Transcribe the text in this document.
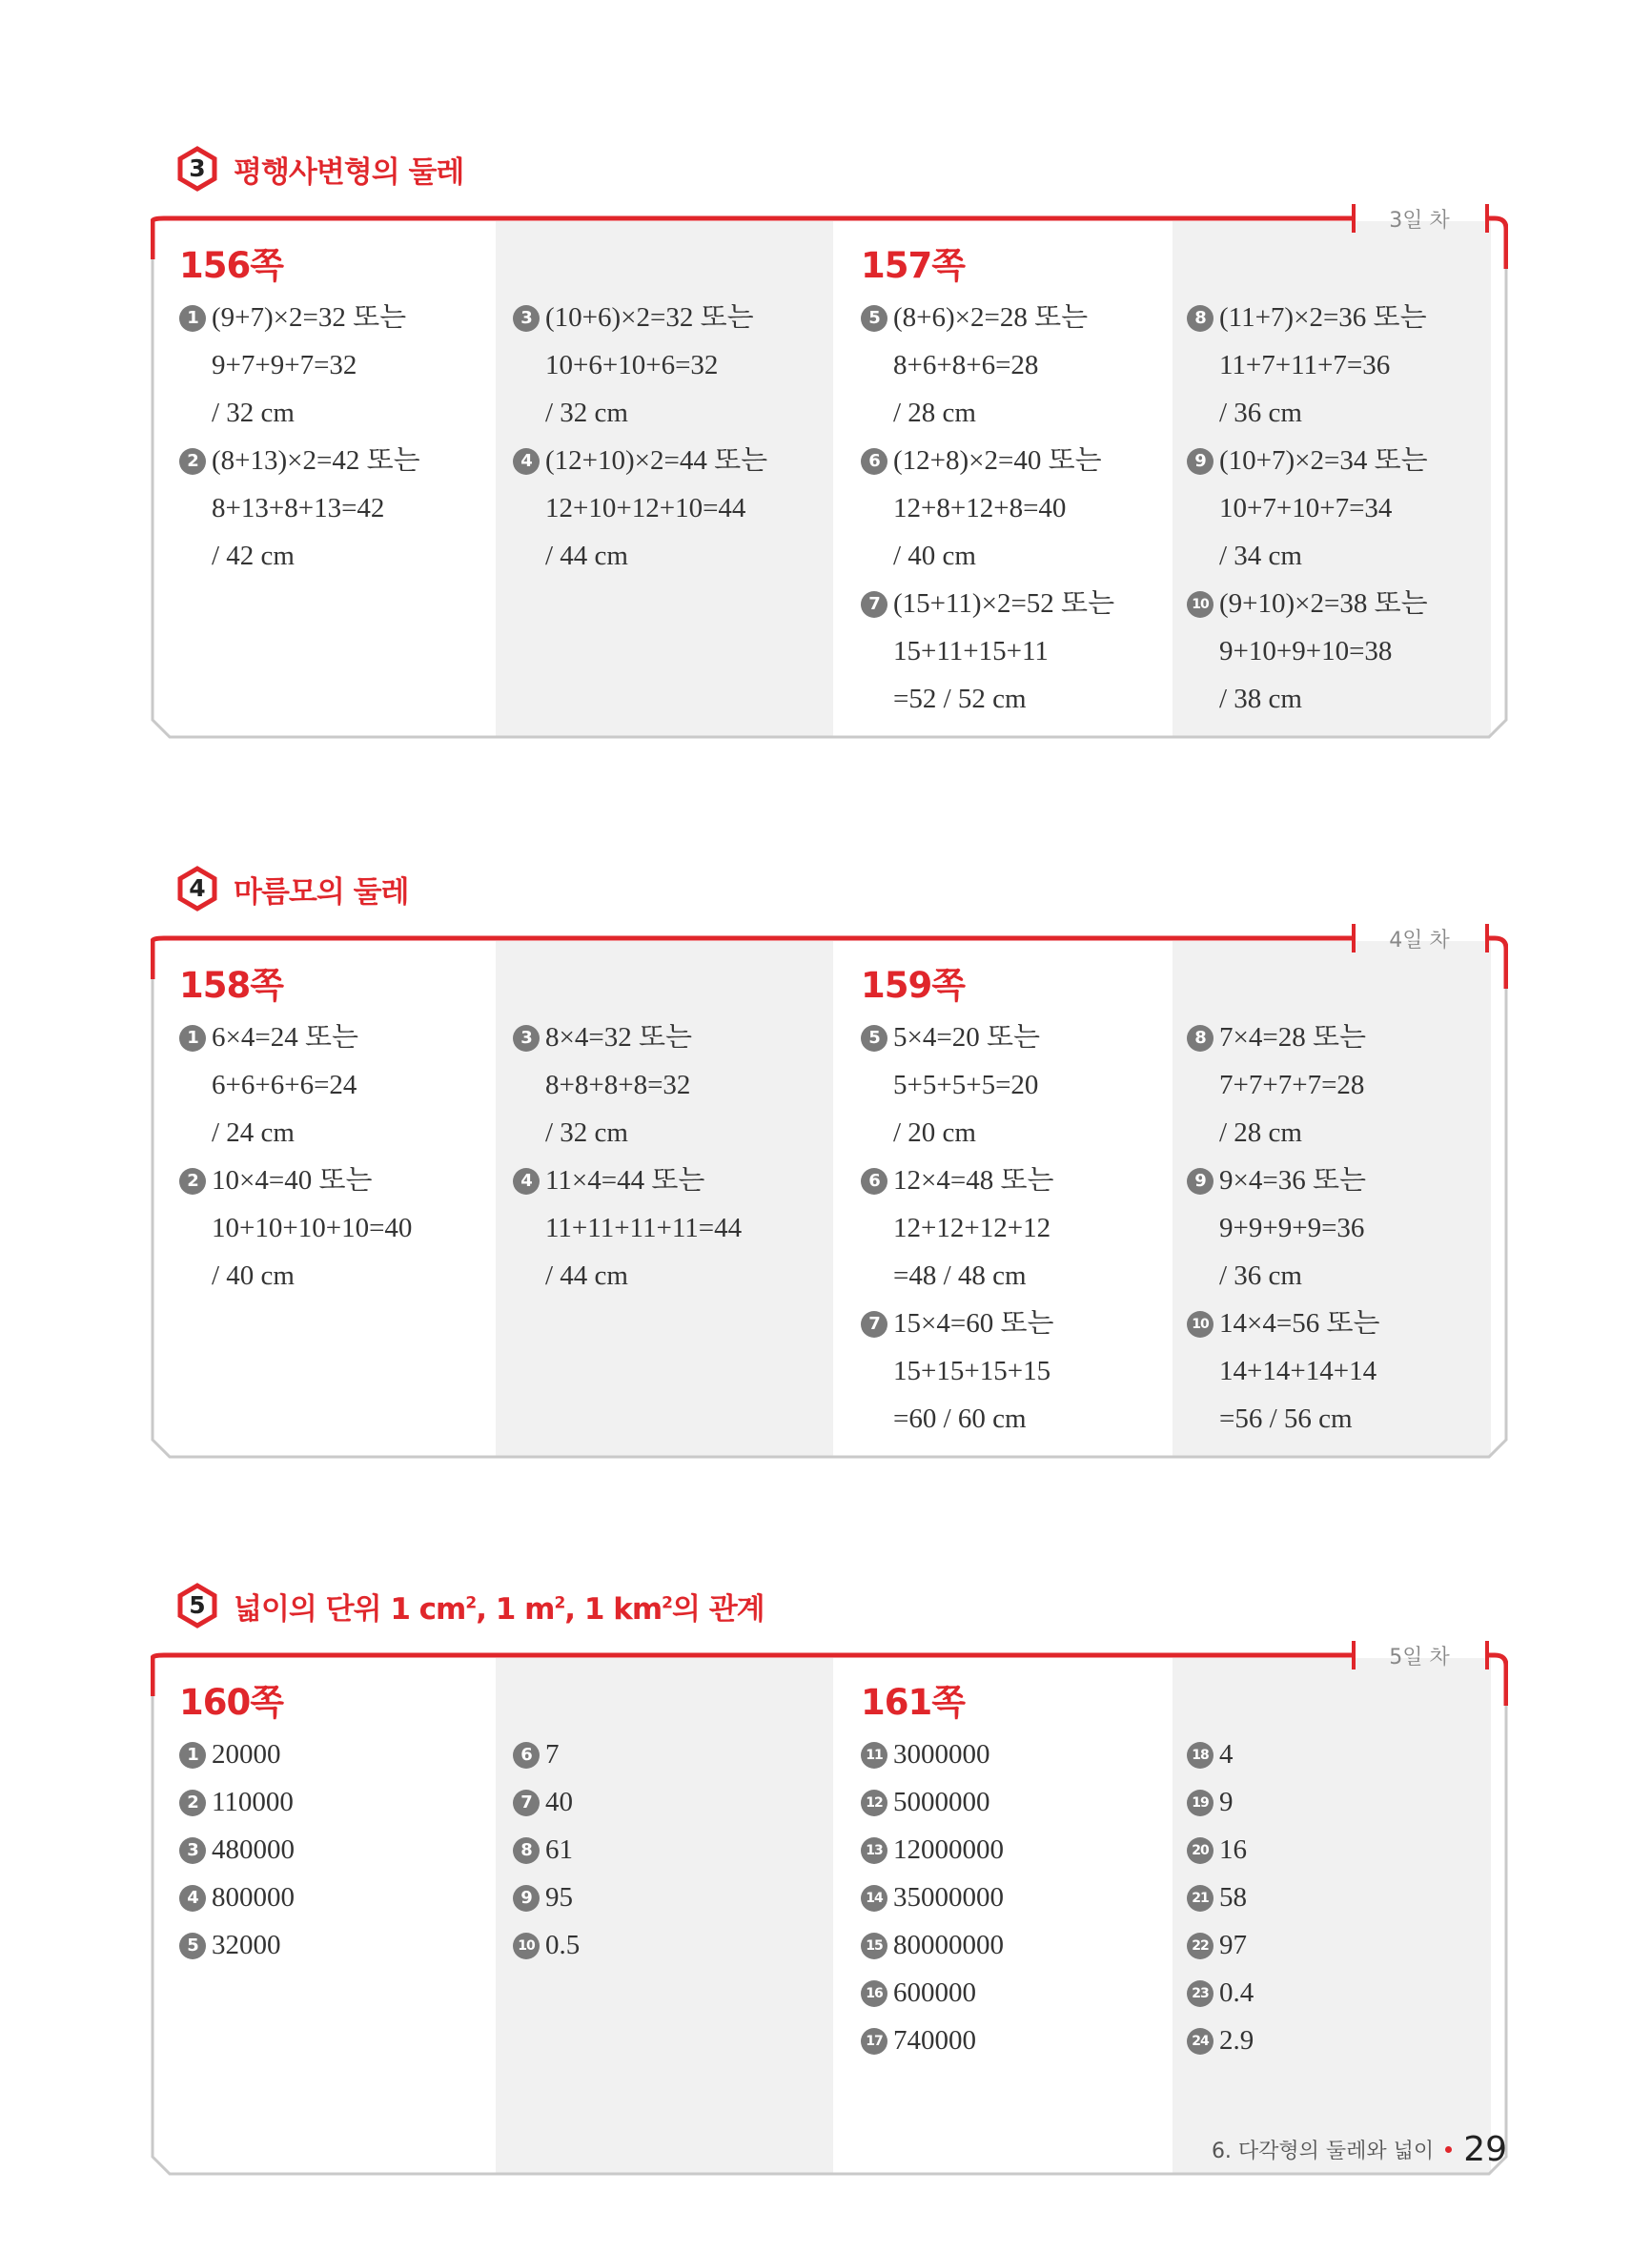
3 평행사변형의 둘레
3일 차
156쪽	157쪽
1 (9+7)×2=32 또는
9+7+9+7=32
/ 32 cm
2 (8+13)×2=42 또는
8+13+8+13=42
/ 42 cm
3 (10+6)×2=32 또는
10+6+10+6=32
/ 32 cm
4 (12+10)×2=44 또는
12+10+12+10=44
/ 44 cm
5 (8+6)×2=28 또는
8+6+8+6=28
/ 28 cm
6 (12+8)×2=40 또는
12+8+12+8=40
/ 40 cm
7 (15+11)×2=52 또는
15+11+15+11
=52 / 52 cm
8 (11+7)×2=36 또는
11+7+11+7=36
/ 36 cm
9 (10+7)×2=34 또는
10+7+10+7=34
/ 34 cm
10 (9+10)×2=38 또는
9+10+9+10=38
/ 38 cm
4 마름모의 둘레
4일 차
158쪽	159쪽
1 6×4=24 또는
6+6+6+6=24
/ 24 cm
2 10×4=40 또는
10+10+10+10=40
/ 40 cm
3 8×4=32 또는
8+8+8+8=32
/ 32 cm
4 11×4=44 또는
11+11+11+11=44
/ 44 cm
5 5×4=20 또는
5+5+5+5=20
/ 20 cm
6 12×4=48 또는
12+12+12+12
=48 / 48 cm
7 15×4=60 또는
15+15+15+15
=60 / 60 cm
8 7×4=28 또는
7+7+7+7=28
/ 28 cm
9 9×4=36 또는
9+9+9+9=36
/ 36 cm
10 14×4=56 또는
14+14+14+14
=56 / 56 cm
5 넓이의 단위 1 $cm^2$, 1 $m^2$, 1 $km^2$의 관계
5일 차
160쪽	161쪽
1 20000
2 110000
3 480000
4 800000
5 32000
6 7
7 40
8 61
9 95
10 0.5
11 3000000
12 5000000
13 12000000
14 35000000
15 80000000
16 600000
17 740000
18 4
19 9
20 16
21 58
22 97
23 0.4
24 2.9
6. 다각형의 둘레와 넓이 29
